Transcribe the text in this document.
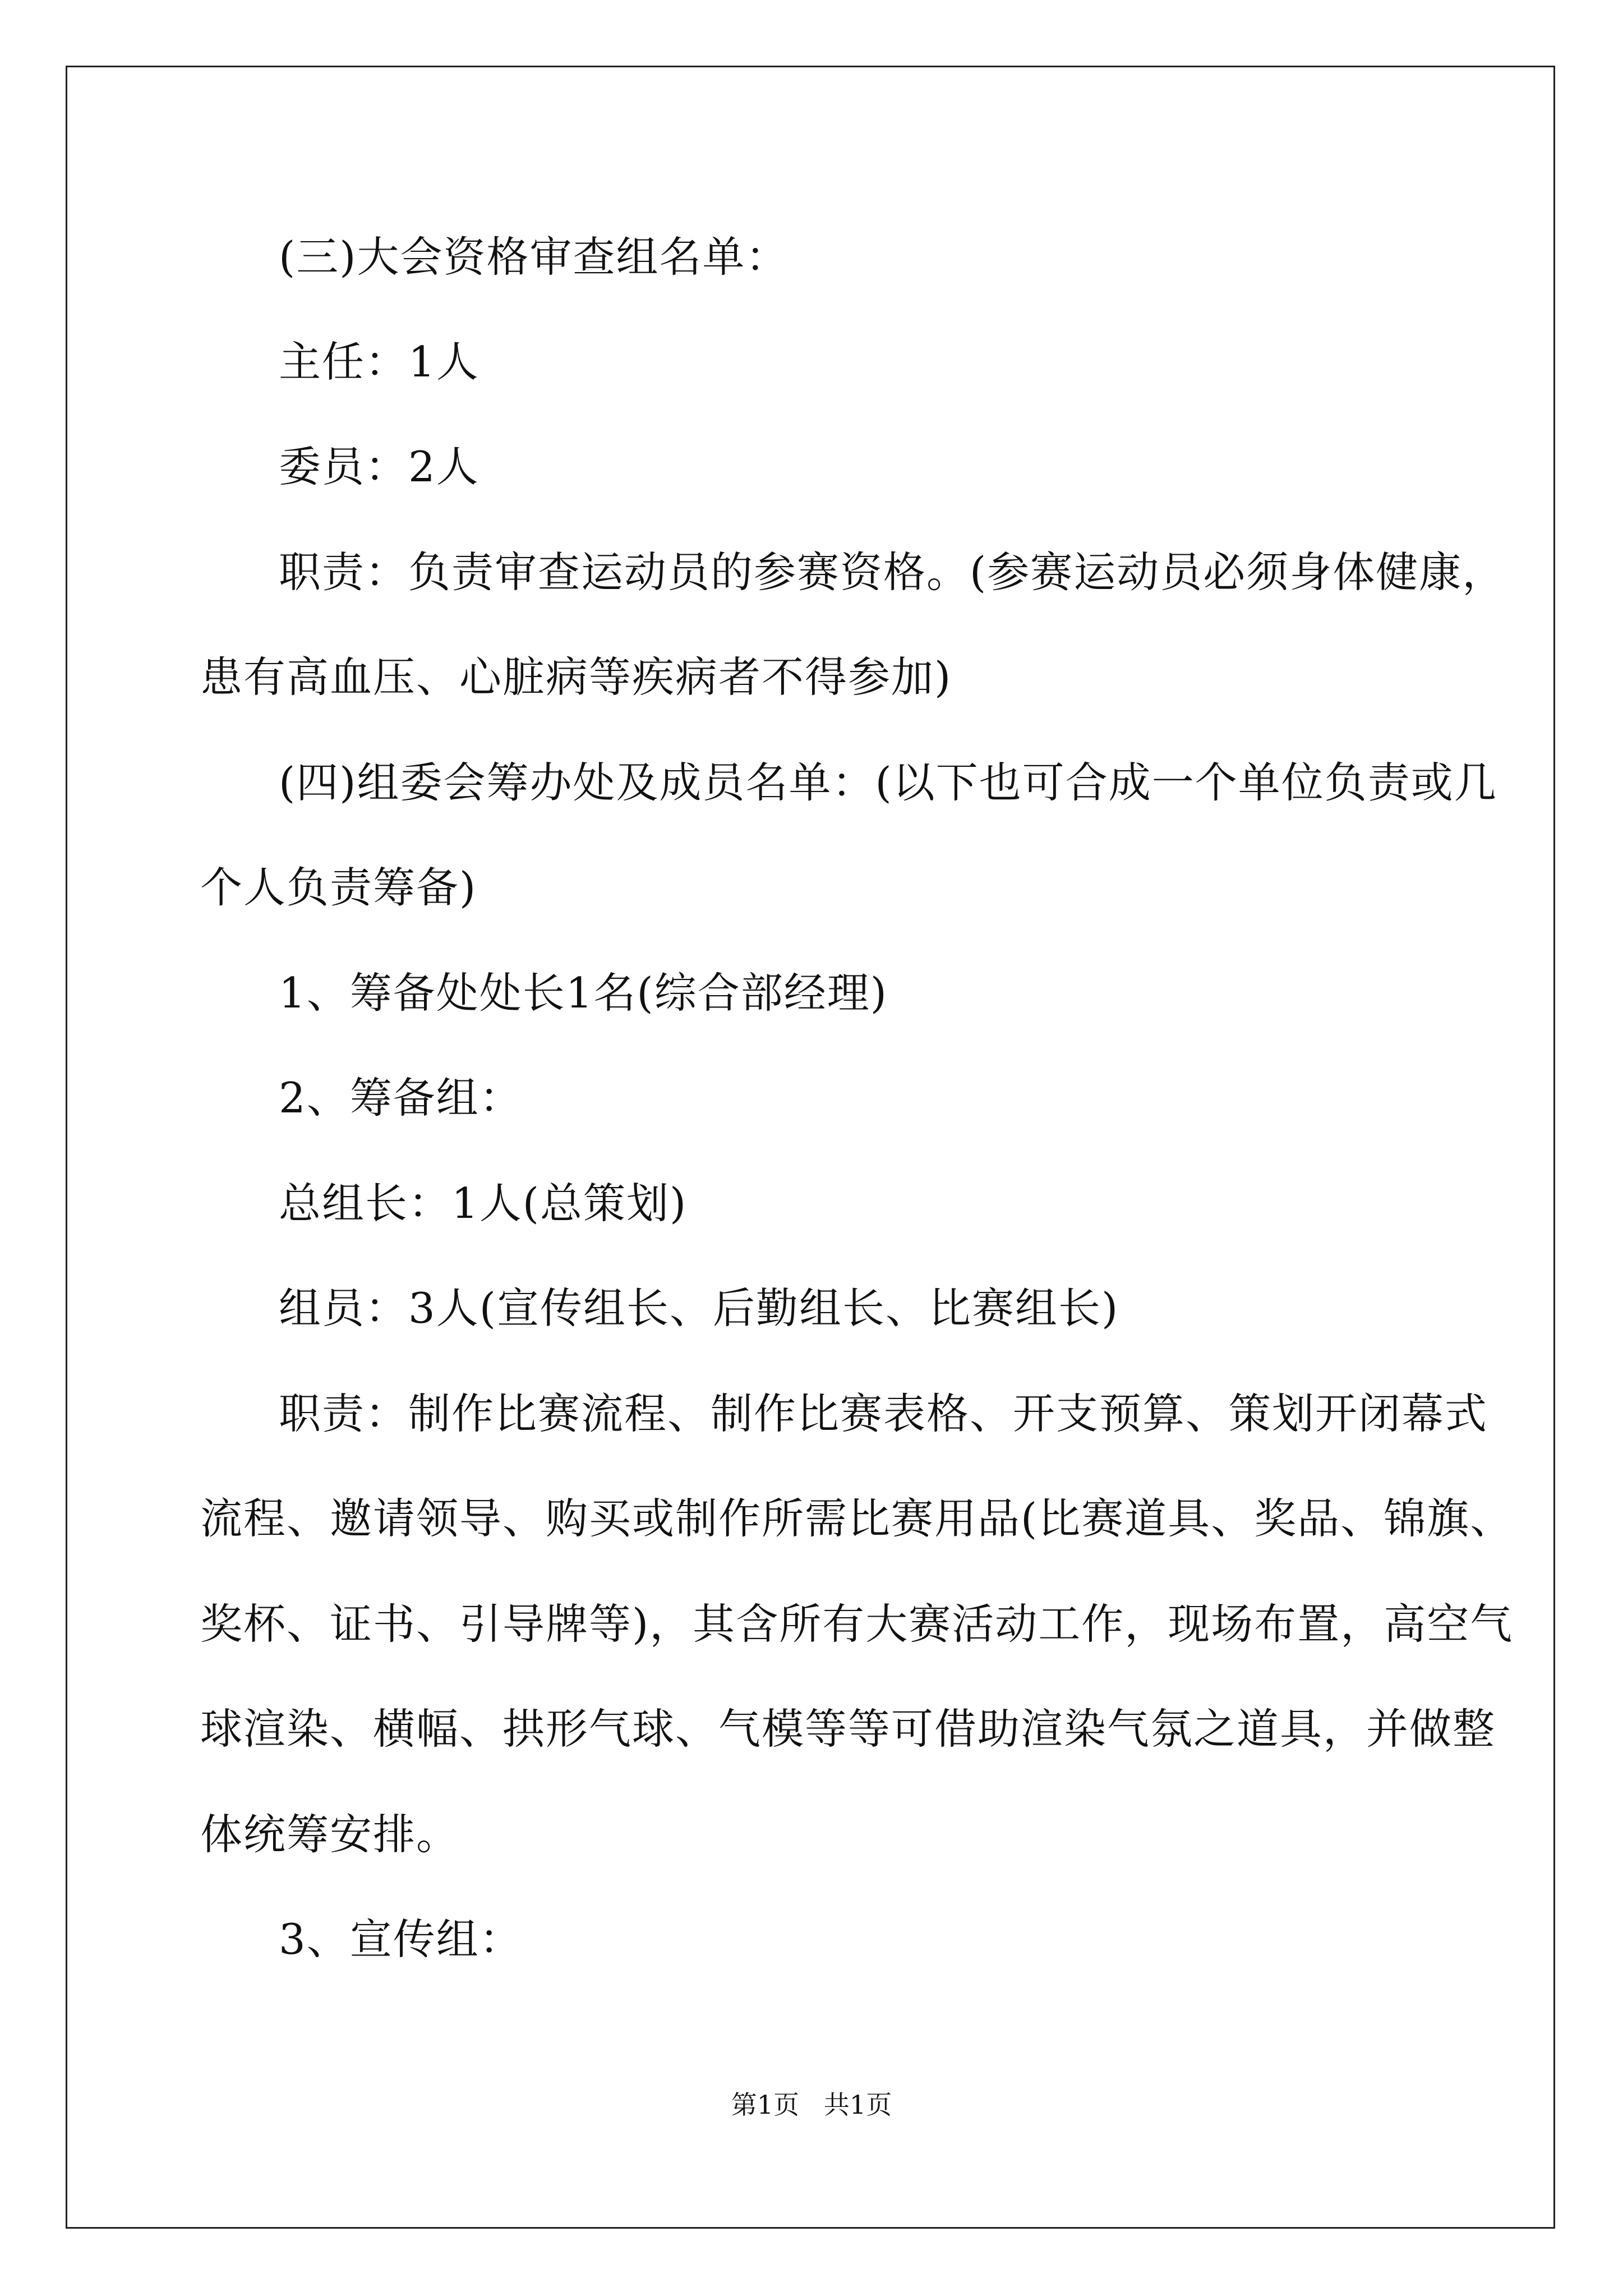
(三)大会资格审查组名单：
主任：1人
委员：2人
职责：负责审查运动员的参赛资格。(参赛运动员必须身体健康，
患有高血压、心脏病等疾病者不得参加)
(四)组委会筹办处及成员名单：(以下也可合成一个单位负责或几
个人负责筹备)
1、筹备处处长1名(综合部经理)
2、筹备组：
总组长：1人(总策划)
组员：3人(宣传组长、后勤组长、比赛组长)
职责：制作比赛流程、制作比赛表格、开支预算、策划开闭幕式
流程、邀请领导、购买或制作所需比赛用品(比赛道具、奖品、锦旗、
奖杯、证书、引导牌等)，其含所有大赛活动工作，现场布置，高空气
球渲染、横幅、拱形气球、气模等等可借助渲染气氛之道具，并做整
体统筹安排。
3、宣传组：
第1页   共1页
